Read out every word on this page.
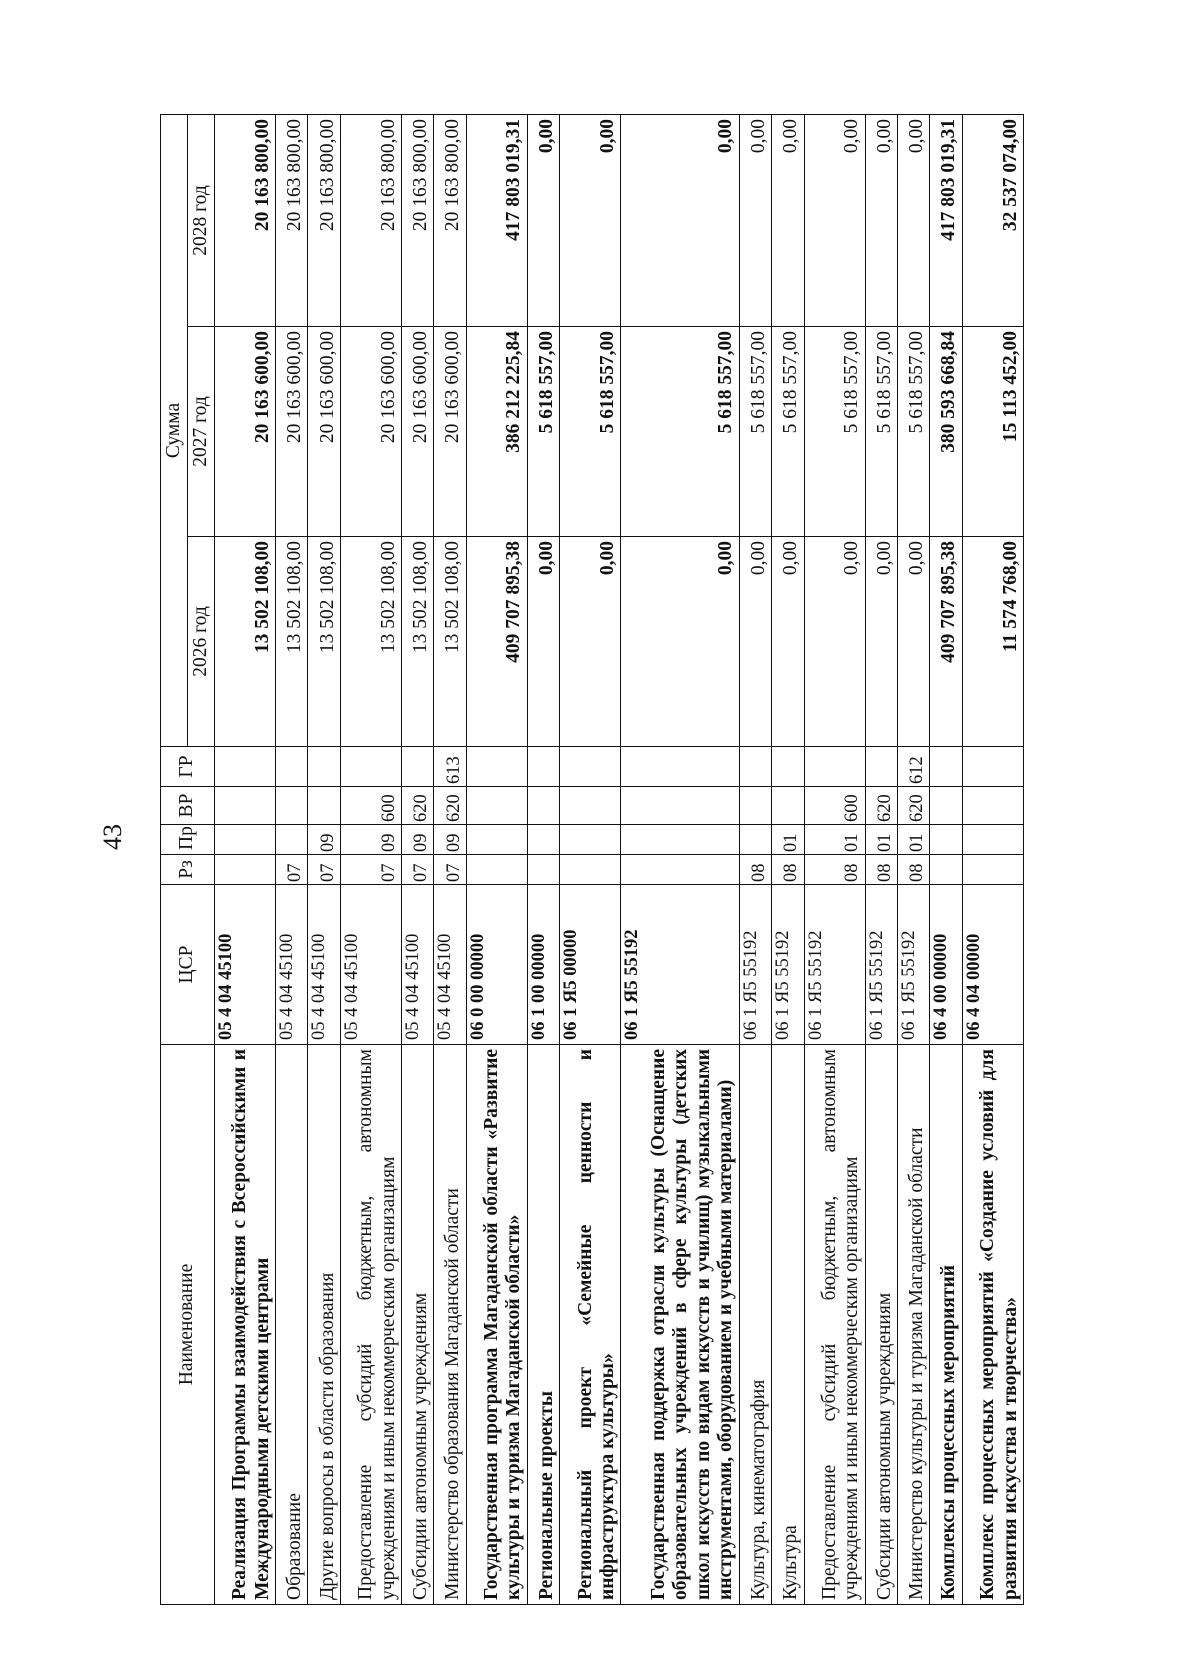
43
Наименование	ЦСР	Рз	Пр	ВР	ГР	Сумма		
						2026 год	2027 год	2028 год
Реализация Программы взаимодействия с Всероссийскими и Международными детскими центрами	05 4 04 45100					13 502 108,00	20 163 600,00	20 163 800,00
Образование	05 4 04 45100	07				13 502 108,00	20 163 600,00	20 163 800,00
Другие вопросы в области образования	05 4 04 45100	07	09			13 502 108,00	20 163 600,00	20 163 800,00
Предоставление субсидий бюджетным, автономным учреждениям и иным некоммерческим организациям	05 4 04 45100	07	09	600		13 502 108,00	20 163 600,00	20 163 800,00
Субсидии автономным учреждениям	05 4 04 45100	07	09	620		13 502 108,00	20 163 600,00	20 163 800,00
Министерство образования Магаданской области	05 4 04 45100	07	09	620	613	13 502 108,00	20 163 600,00	20 163 800,00
Государственная программа Магаданской области «Развитие культуры и туризма Магаданской области»	06 0 00 00000					409 707 895,38	386 212 225,84	417 803 019,31
Региональные проекты	06 1 00 00000					0,00	5 618 557,00	0,00
Региональный проект «Семейные ценности и инфраструктура культуры»	06 1 Я5 00000					0,00	5 618 557,00	0,00
Государственная поддержка отрасли культуры (Оснащение образовательных учреждений в сфере культуры (детских школ искусств по видам искусств и училищ) музыкальными инструментами, оборудованием и учебными материалами)	06 1 Я5 55192					0,00	5 618 557,00	0,00
Культура, кинематография	06 1 Я5 55192	08				0,00	5 618 557,00	0,00
Культура	06 1 Я5 55192	08	01			0,00	5 618 557,00	0,00
Предоставление субсидий бюджетным, автономным учреждениям и иным некоммерческим организациям	06 1 Я5 55192	08	01	600		0,00	5 618 557,00	0,00
Субсидии автономным учреждениям	06 1 Я5 55192	08	01	620		0,00	5 618 557,00	0,00
Министерство культуры и туризма Магаданской области	06 1 Я5 55192	08	01	620	612	0,00	5 618 557,00	0,00
Комплексы процессных мероприятий	06 4 00 00000					409 707 895,38	380 593 668,84	417 803 019,31
Комплекс процессных мероприятий «Создание условий для развития искусства и творчества»	06 4 04 00000					11 574 768,00	15 113 452,00	32 537 074,00
